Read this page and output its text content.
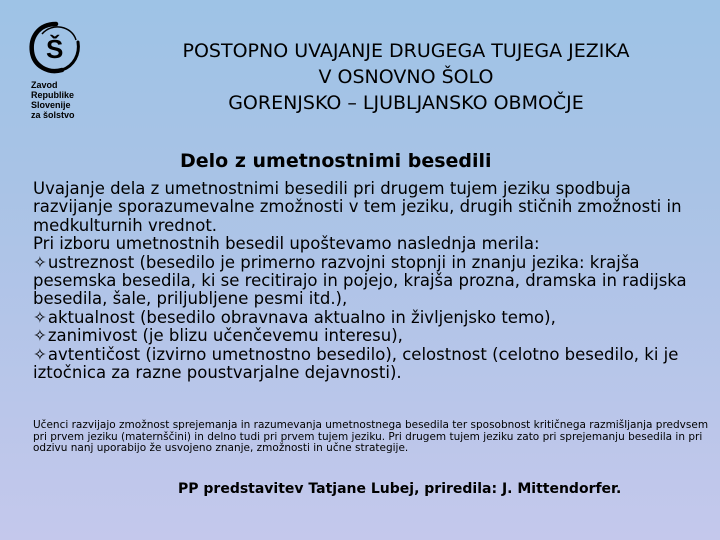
Š
Zavod
Republike
Slovenije
za šolstvo
POSTOPNO UVAJANJE DRUGEGA TUJEGA JEZIKA
V OSNOVNO ŠOLO
GORENJSKO – LJUBLJANSKO OBMOČJE
Delo z umetnostnimi besedili

Uvajanje dela z umetnostnimi besedili pri drugem tujem jeziku spodbuja razvijanje sporazumevalne zmožnosti v tem jeziku, drugih stičnih zmožnosti in medkulturnih vrednot.

Pri izboru umetnostnih besedil upoštevamo naslednja merila:

✧ustreznost (besedilo je primerno razvojni stopnji in znanju jezika: krajša pesemska besedila, ki se recitirajo in pojejo, krajša prozna, dramska in radijska besedila, šale, priljubljene pesmi itd.),

✧aktualnost (besedilo obravnava aktualno in življenjsko temo),

✧zanimivost (je blizu učenčevemu interesu),

✧avtentičost (izvirno umetnostno besedilo), celostnost (celotno besedilo, ki je iztočnica za razne poustvarjalne dejavnosti).

Učenci razvijajo zmožnost sprejemanja in razumevanja umetnostnega besedila ter sposobnost kritičnega razmišljanja predvsem pri prvem jeziku (maternščini) in delno tudi pri prvem tujem jeziku. Pri drugem tujem jeziku zato pri sprejemanju besedila in pri odzivu nanj uporabijo že usvojeno znanje, zmožnosti in učne strategije.
PP predstavitev Tatjane Lubej, priredila: J. Mittendorfer.
